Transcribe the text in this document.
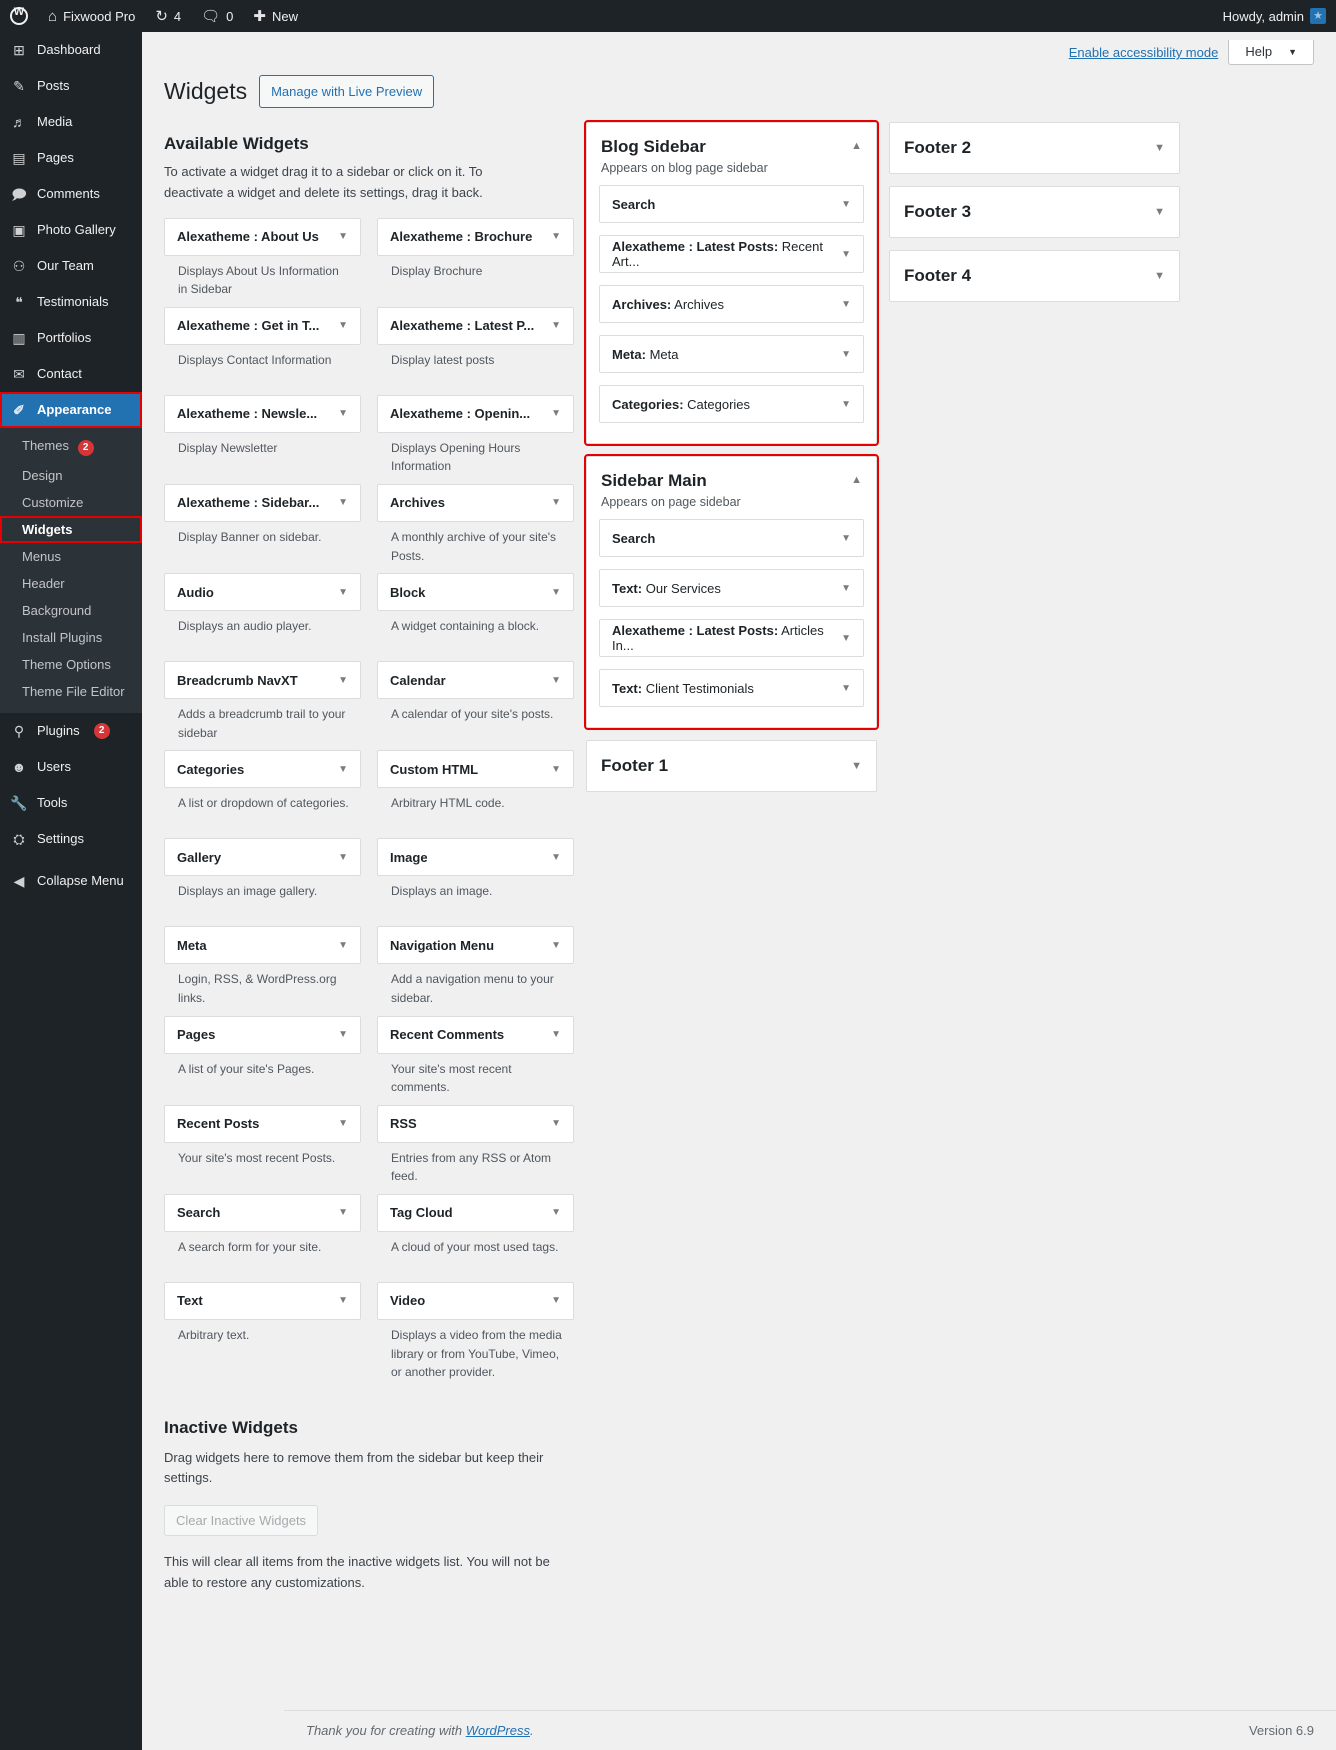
W
⌂ Fixwood Pro ↻ 4 🗨 0 ✚ New	Howdy, admin
★
⊞ Dashboard
✎ Posts
♬ Media
▤ Pages
🗩 Comments
▣ Photo Gallery
⚇ Our Team
❝	Testimonials
▥ Portfolios
✉ Contact
✐ Appearance
Themes 2
Design
Customize
Widgets
Menus
Header
Background
Install Plugins
Theme Options
Theme File Editor
⚲ Plugins	2
☻ Users
🔧 Tools
⛭ Settings
◀ Collapse Menu
Enable accessibility mode Help ▼
Widgets	Manage with Live Preview
Available Widgets

To activate a widget drag it to a sidebar or click on it. To deactivate a widget and delete its settings, drag it back.

Alexatheme : About Us ▼
Displays About Us Information in Sidebar
Alexatheme : Brochure ▼
Display Brochure
Alexatheme : Get in T... ▼
Displays Contact Information
Alexatheme : Latest P... ▼
Display latest posts
Alexatheme : Newsle... ▼
Display Newsletter
Alexatheme : Openin... ▼
Displays Opening Hours Information
Alexatheme : Sidebar... ▼
Display Banner on sidebar.
Archives	▼
A monthly archive of your site's Posts.
Audio	▼
Displays an audio player.
Block	▼
A widget containing a block.
Breadcrumb NavXT	▼
Adds a breadcrumb trail to your sidebar
Calendar	▼
A calendar of your site's posts.
Categories	▼
A list or dropdown of categories.
Custom HTML	▼
Arbitrary HTML code.
Gallery	▼
Displays an image gallery.
Image	▼
Displays an image.
Meta	▼
Login, RSS, & WordPress.org links.
Navigation Menu	▼
Add a navigation menu to your sidebar.
Pages	▼
A list of your site's Pages.
Recent Comments	▼
Your site's most recent comments.
Recent Posts	▼
Your site's most recent Posts.
RSS	▼
Entries from any RSS or Atom feed.
Search	▼
A search form for your site.
Tag Cloud	▼
A cloud of your most used tags.
Text	▼
Arbitrary text.
Video	▼
Displays a video from the media library or from YouTube, Vimeo, or another provider.
Inactive Widgets

Drag widgets here to remove them from the sidebar but keep their settings.

Clear Inactive Widgets

This will clear all items from the inactive widgets list. You will not be able to restore any customizations.

Blog Sidebar

Appears on blog page sidebar

▲
Search	▼
Alexatheme : Latest Posts: Recent Art...	▼
Archives: Archives	▼
Meta: Meta	▼
Categories: Categories	▼
Sidebar Main

Appears on page sidebar

▲
Search	▼
Text: Our Services	▼
Alexatheme : Latest Posts: Articles In...	▼
Text: Client Testimonials	▼
Footer 1	▼
Footer 2	▼
Footer 3	▼
Footer 4	▼
Thank you for creating with WordPress.	Version 6.9
